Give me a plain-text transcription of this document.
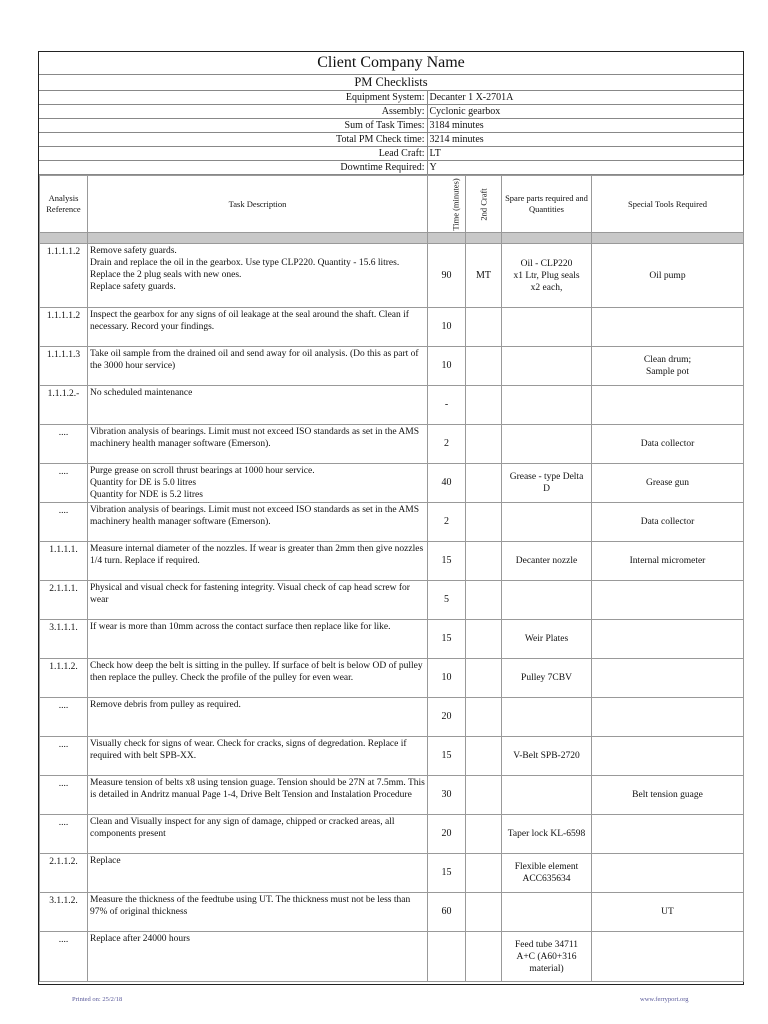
Client Company Name	
PM Checklists	
Equipment System:	Decanter 1 X-2701A
Assembly:	Cyclonic gearbox
Sum of Task Times:	3184 minutes
Total PM Check time:	3214 minutes
Lead Craft:	LT
Downtime Required:	Y
Analysis Reference	Task Description	Time (minutes)	2nd Craft	Spare parts required and Quantities	Special Tools Required

1.1.1.1.2	Remove safety guards.
Drain and replace the oil in the gearbox. Use type CLP220. Quantity - 15.6 litres.
Replace the 2 plug seals with new ones.
Replace safety guards.	90	MT	Oil - CLP220
x1 Ltr, Plug seals
x2 each,	Oil pump
1.1.1.1.2	Inspect the gearbox for any signs of oil leakage at the seal around the shaft. Clean if necessary. Record your findings.	10			
1.1.1.1.3	Take oil sample from the drained oil and send away for oil analysis. (Do this as part of the 3000 hour service)	10			Clean drum;
Sample pot
1.1.1.2.-	No scheduled maintenance	-			
....	Vibration analysis of bearings. Limit must not exceed ISO standards as set in the AMS machinery health manager software (Emerson).	2			Data collector
....	Purge grease on scroll thrust bearings at 1000 hour service.
Quantity for DE is 5.0 litres
Quantity for NDE is 5.2 litres	40		Grease - type Delta
D	Grease gun
....	Vibration analysis of bearings. Limit must not exceed ISO standards as set in the AMS machinery health manager software (Emerson).	2			Data collector
1.1.1.1.	Measure internal diameter of the nozzles. If wear is greater than 2mm then give nozzles 1/4 turn. Replace if required.	15		Decanter nozzle	Internal micrometer
2.1.1.1.	Physical and visual check for fastening integrity. Visual check of cap head screw for wear	5			
3.1.1.1.	If wear is more than 10mm across the contact surface then replace like for like.	15		Weir Plates	
1.1.1.2.	Check how deep the belt is sitting in the pulley. If surface of belt is below OD of pulley then replace the pulley. Check the profile of the pulley for even wear.	10		Pulley 7CBV	
....	Remove debris from pulley as required.	20			
....	Visually check for signs of wear. Check for cracks, signs of degredation. Replace if required with belt SPB-XX.	15		V-Belt SPB-2720	
....	Measure tension of belts x8 using tension guage. Tension should be 27N at 7.5mm. This is detailed in Andritz manual Page 1-4, Drive Belt Tension and Instalation Procedure	30			Belt tension guage
....	Clean and Visually inspect for any sign of damage, chipped or cracked areas, all components present	20		Taper lock KL-6598	
2.1.1.2.	Replace	15		Flexible element
ACC635634	
3.1.1.2.	Measure the thickness of the feedtube using UT. The thickness must not be less than 97% of original thickness	60			UT
....	Replace after 24000 hours			Feed tube 34711
A+C (A60+316
material)	
Printed on: 25/2/18	www.ferryport.org
